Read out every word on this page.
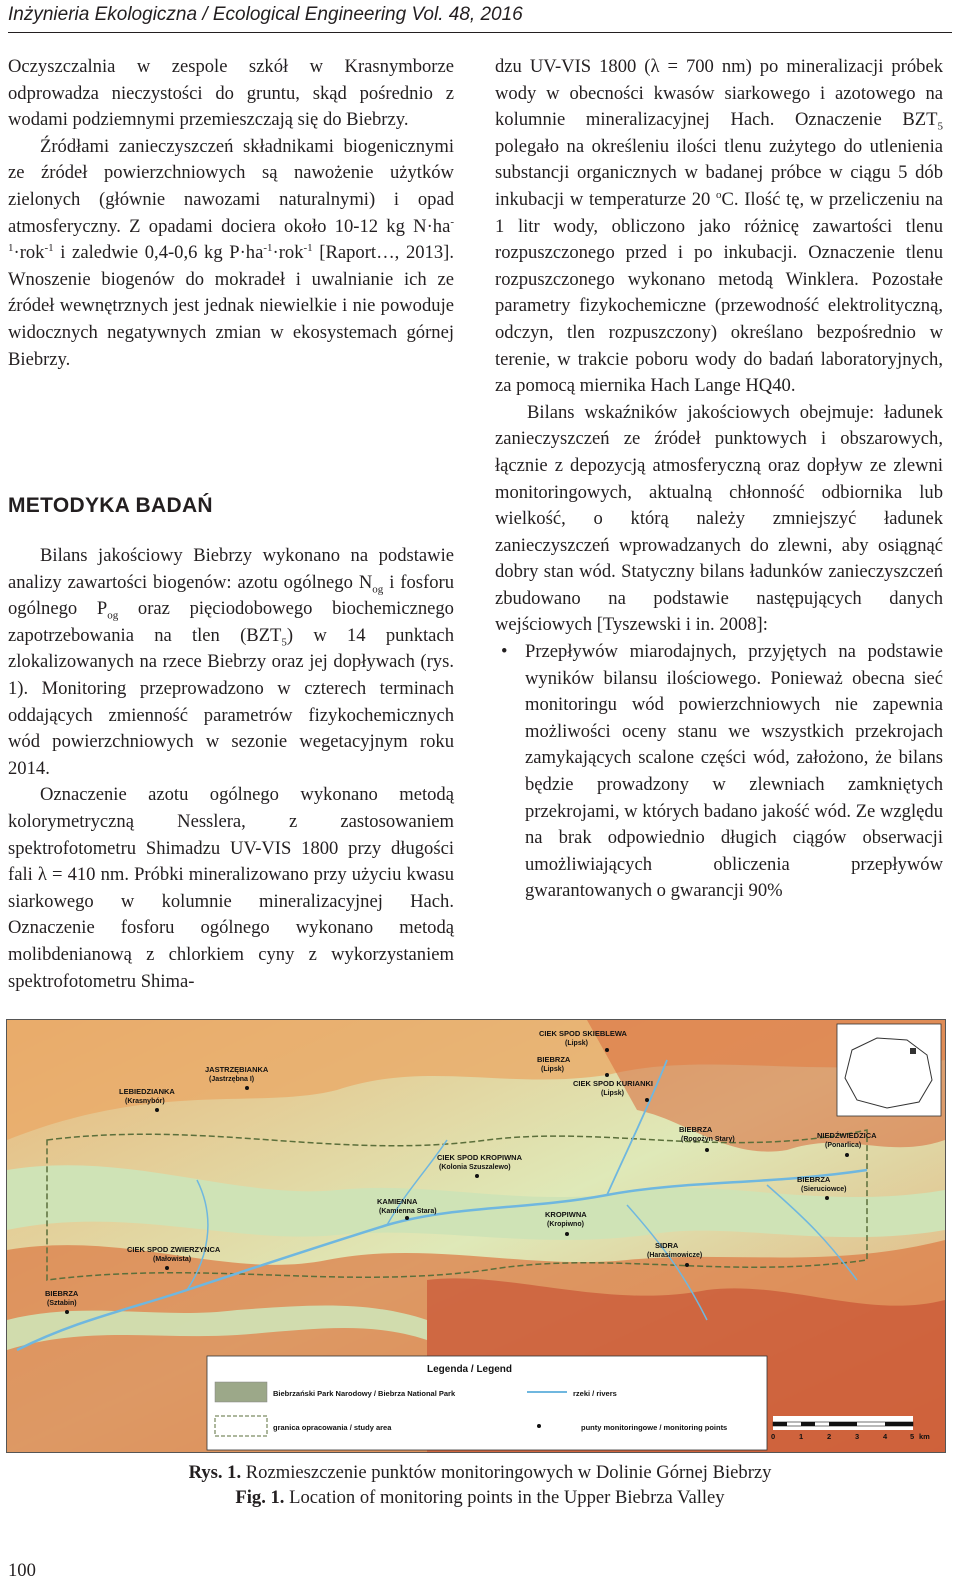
Inżynieria Ekologiczna / Ecological Engineering Vol. 48, 2016

Oczyszczalnia w zespole szkół w Krasnymborze odprowadza nieczystości do gruntu, skąd pośrednio z wodami podziemnymi przemieszczają się do Biebrzy.

Źródłami zanieczyszczeń składnikami biogenicznymi ze źródeł powierzchniowych są nawożenie użytków zielonych (głównie nawozami naturalnymi) i opad atmosferyczny. Z opadami dociera około 10-12 kg $N\cdot ha^{-1}\cdot rok^{-1}$ i zaledwie 0,4-0,6 kg $P\cdot ha^{-1}\cdot rok^{-1}$ [Raport…, 2013]. Wnoszenie biogenów do mokradeł i uwalnianie ich ze źródeł wewnętrznych jest jednak niewielkie i nie powoduje widocznych negatywnych zmian w ekosystemach górnej Biebrzy.

METODYKA BADAŃ

Bilans jakościowy Biebrzy wykonano na podstawie analizy zawartości biogenów: azotu ogólnego $N_{og}$ i fosforu ogólnego $P_{og}$ oraz pięciodobowego biochemicznego zapotrzebowania na tlen $(BZT_5)$ w 14 punktach zlokalizowanych na rzece Biebrzy oraz jej dopływach (rys. 1). Monitoring przeprowadzono w czterech terminach oddających zmienność parametrów fizykochemicznych wód powierzchniowych w sezonie wegetacyjnym roku 2014.

Oznaczenie azotu ogólnego wykonano metodą kolorymetryczną Nesslera, z zastosowaniem spektrofotometru Shimadzu UV-VIS 1800 przy długości fali λ = 410 nm. Próbki mineralizowano przy użyciu kwasu siarkowego w kolumnie mineralizacyjnej Hach. Oznaczenie fosforu ogólnego wykonano metodą molibdenianową z chlorkiem cyny z wykorzystaniem spektrofotometru Shima-

dzu UV-VIS 1800 (λ = 700 nm) po mineralizacji próbek wody w obecności kwasów siarkowego i azotowego na kolumnie mineralizacyjnej Hach. Oznaczenie $BZT_5$ polegało na określeniu ilości tlenu zużytego do utlenienia substancji organicznych w badanej próbce w ciągu 5 dób inkubacji w temperaturze 20 $^o$C. Ilość tę, w przeliczeniu na 1 litr wody, obliczono jako różnicę zawartości tlenu rozpuszczonego przed i po inkubacji. Oznaczenie tlenu rozpuszczonego wykonano metodą Winklera. Pozostałe parametry fizykochemiczne (przewodność elektrolityczną, odczyn, tlen rozpuszczony) określano bezpośrednio w terenie, w trakcie poboru wody do badań laboratoryjnych, za pomocą miernika Hach Lange HQ40.

Bilans wskaźników jakościowych obejmuje: ładunek zanieczyszczeń ze źródeł punktowych i obszarowych, łącznie z depozycją atmosferyczną oraz dopływ ze zlewni monitoringowych, aktualną chłonność odbiornika lub wielkość, o którą należy zmniejszyć ładunek zanieczyszczeń wprowadzanych do zlewni, aby osiągnąć dobry stan wód. Statyczny bilans ładunków zanieczyszczeń zbudowano na podstawie następujących danych wejściowych [Tyszewski i in. 2008]:

• Przepływów miarodajnych, przyjętych na podstawie wyników bilansu ilościowego. Ponieważ obecna sieć monitoringu wód powierzchniowych nie zapewnia możliwości oceny stanu we wszystkich przekrojach zamykających scalone części wód, założono, że bilans będzie prowadzony w zlewniach zamkniętych przekrojami, w których badano jakość wód. Ze względu na brak odpowiednio długich ciągów obserwacji umożliwiających obliczenia przepływów gwarantowanych o gwarancji 90%
CIEK SPOD SKIEBLEWA
(Lipsk)
BIEBRZA
(Lipsk)
CIEK SPOD KURIANKI
(Lipsk)
JASTRZĘBIANKA
(Jastrzębna I)
LEBIEDZIANKA
(Krasnybór)
BIEBRZA
(Rogożyn Stary)	NIEDŹWIEDZICA
(Ponarlica)
CIEK SPOD KROPIWNA
(Kolonia Szuszalewo)
BIEBRZA
(Sieruciowce)
KAMIENNA
(Kamienna Stara)	KROPIWNA
(Kropiwno)
SIDRA
(Harasimowicze)
CIEK SPOD ZWIERZYNCA
(Małowista)
BIEBRZA
(Sztabin)
Legenda / Legend
Biebrzański Park Narodowy / Biebrza National Park	rzeki / rivers
granica opracowania / study area	punty monitoringowe / monitoring points
0	1	2	3	4	5 km
Rys. 1. Rozmieszczenie punktów monitoringowych w Dolinie Górnej Biebrzy
Fig. 1. Location of monitoring points in the Upper Biebrza Valley
100
